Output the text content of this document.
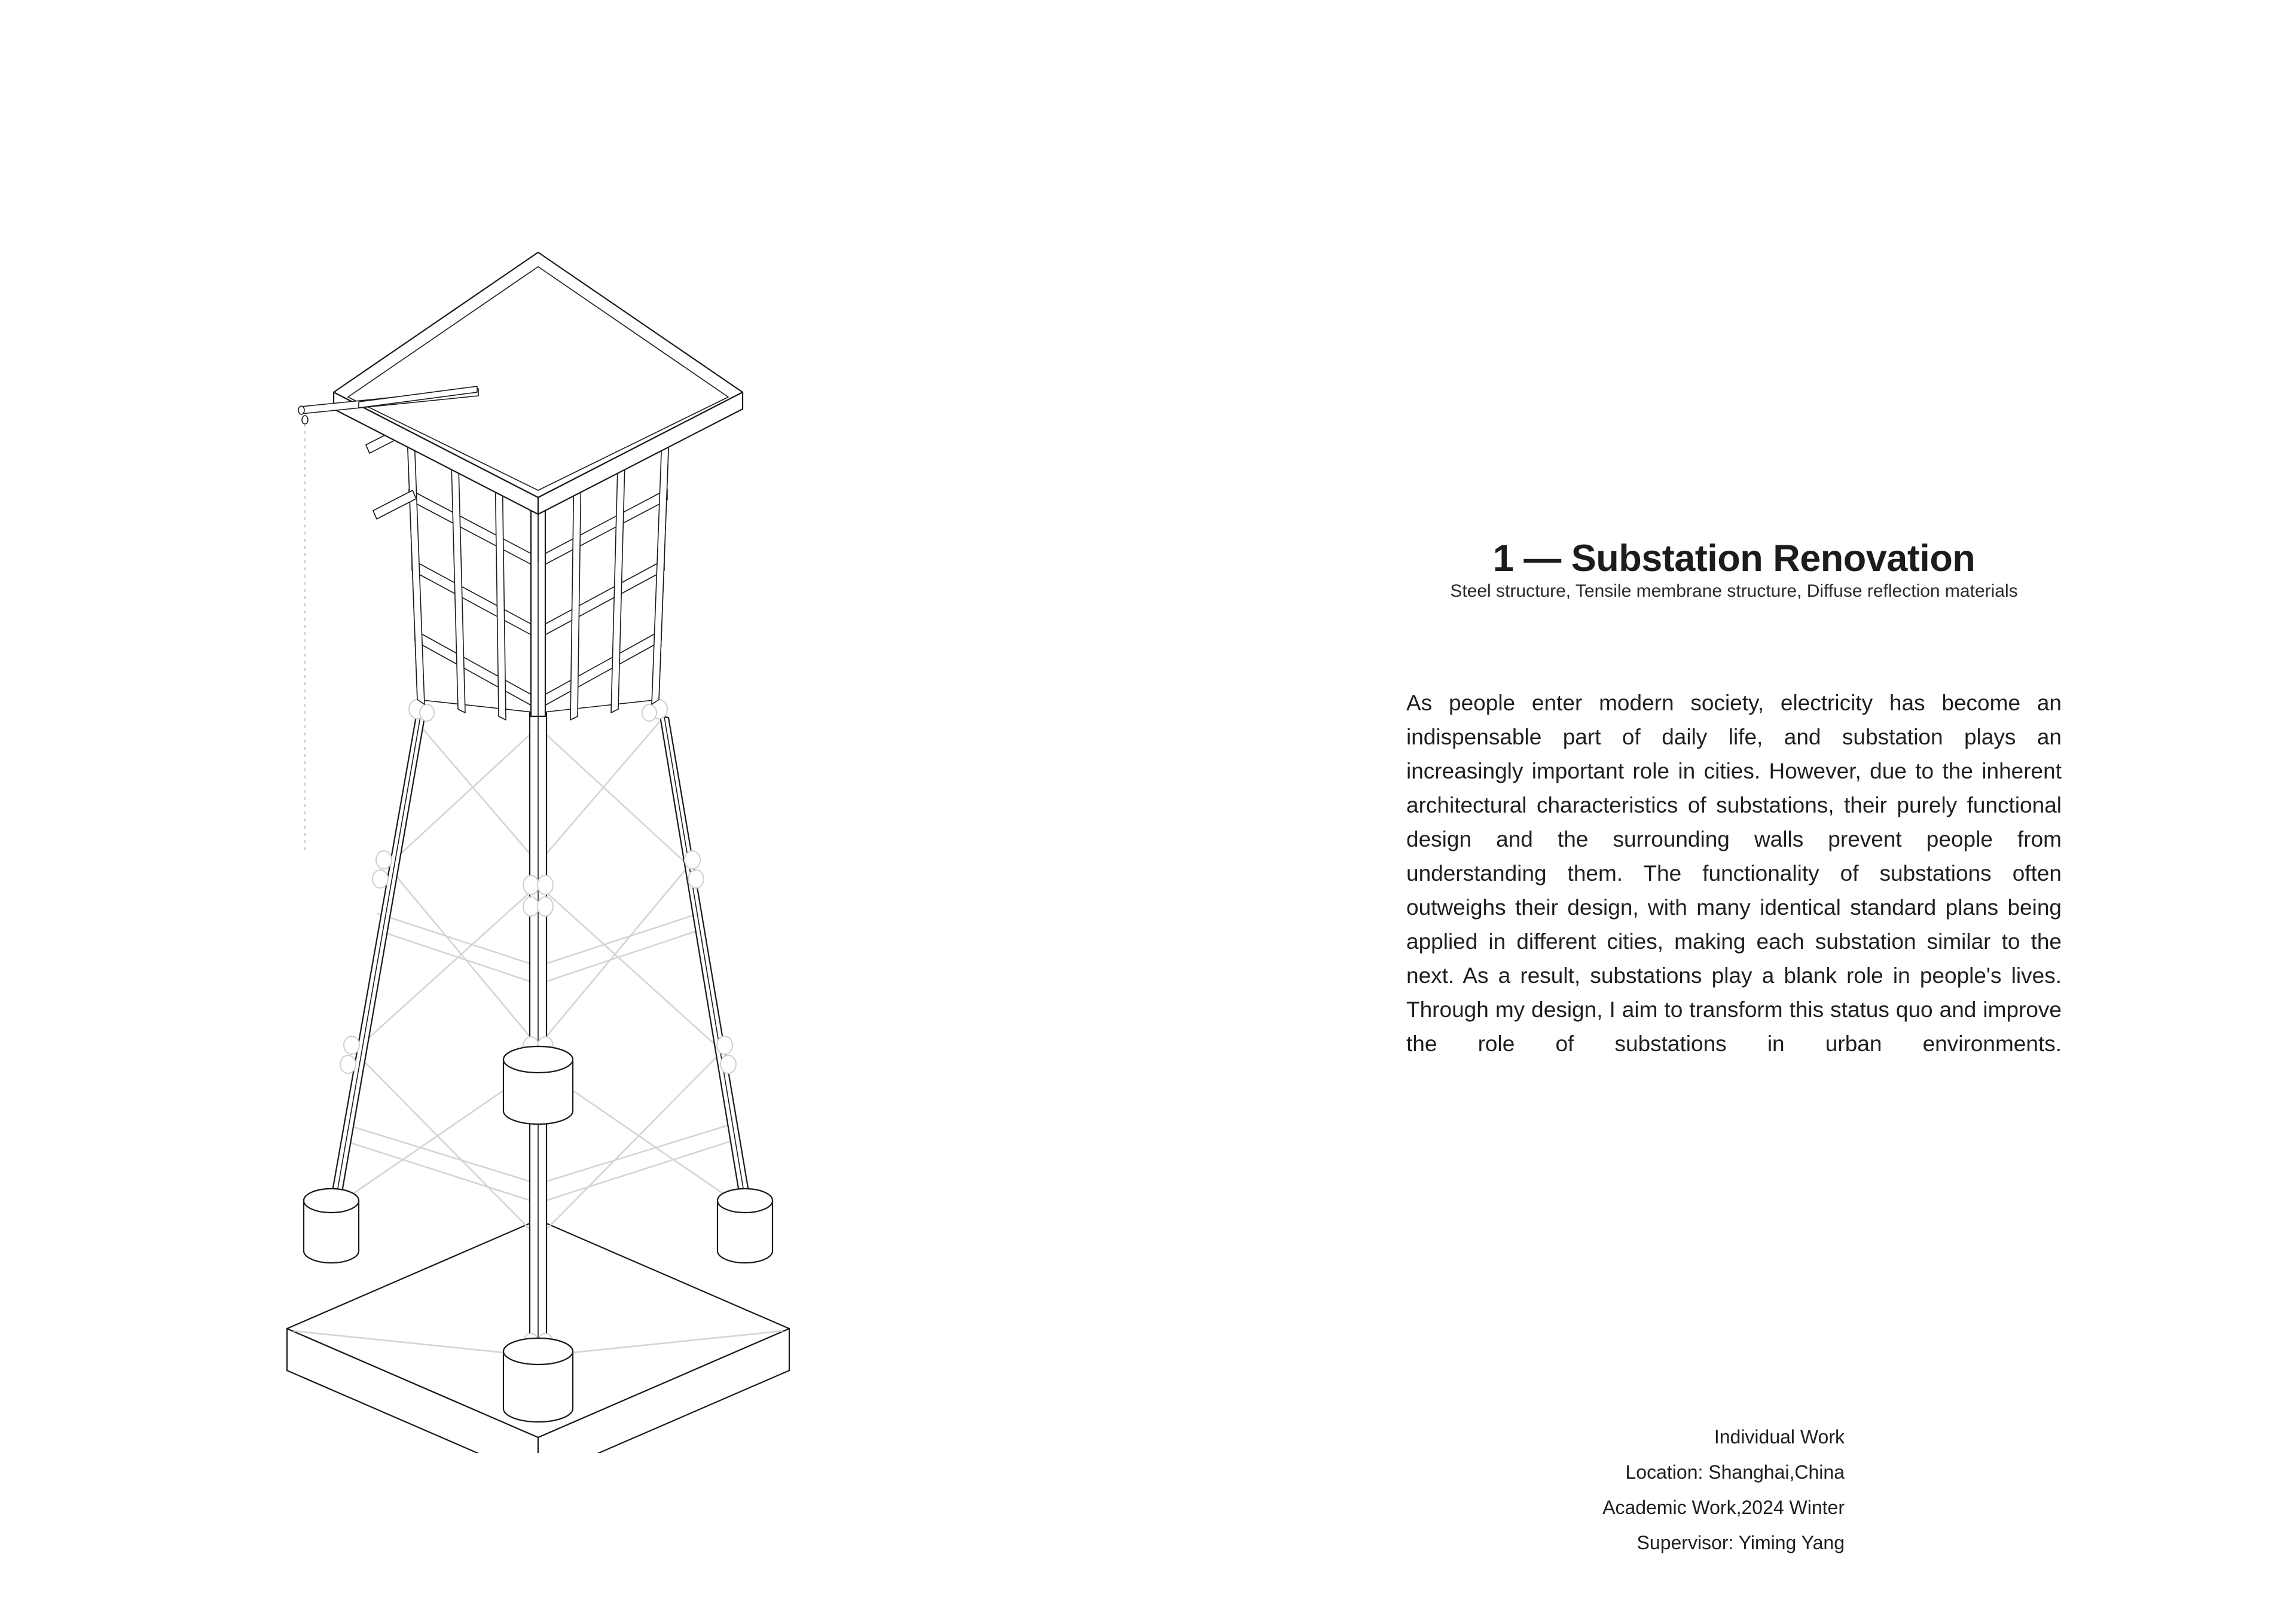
1 — Substation Renovation
Steel structure, Tensile membrane structure, Diffuse reflection materials

As people enter modern society, electricity has become an indispensable part of daily life, and substation plays an increasingly important role in cities. However, due to the inherent architectural characteristics of substations, their purely functional design and the surrounding walls prevent people from understanding them. The functionality of substations often outweighs their design, with many identical standard plans being applied in different cities, making each substation similar to the next. As a result, substations play a blank role in people's lives. Through my design, I aim to transform this status quo and improve the role of substations in urban environments.

Individual Work
Location: Shanghai,China
Academic Work,2024 Winter
Supervisor: Yiming Yang
